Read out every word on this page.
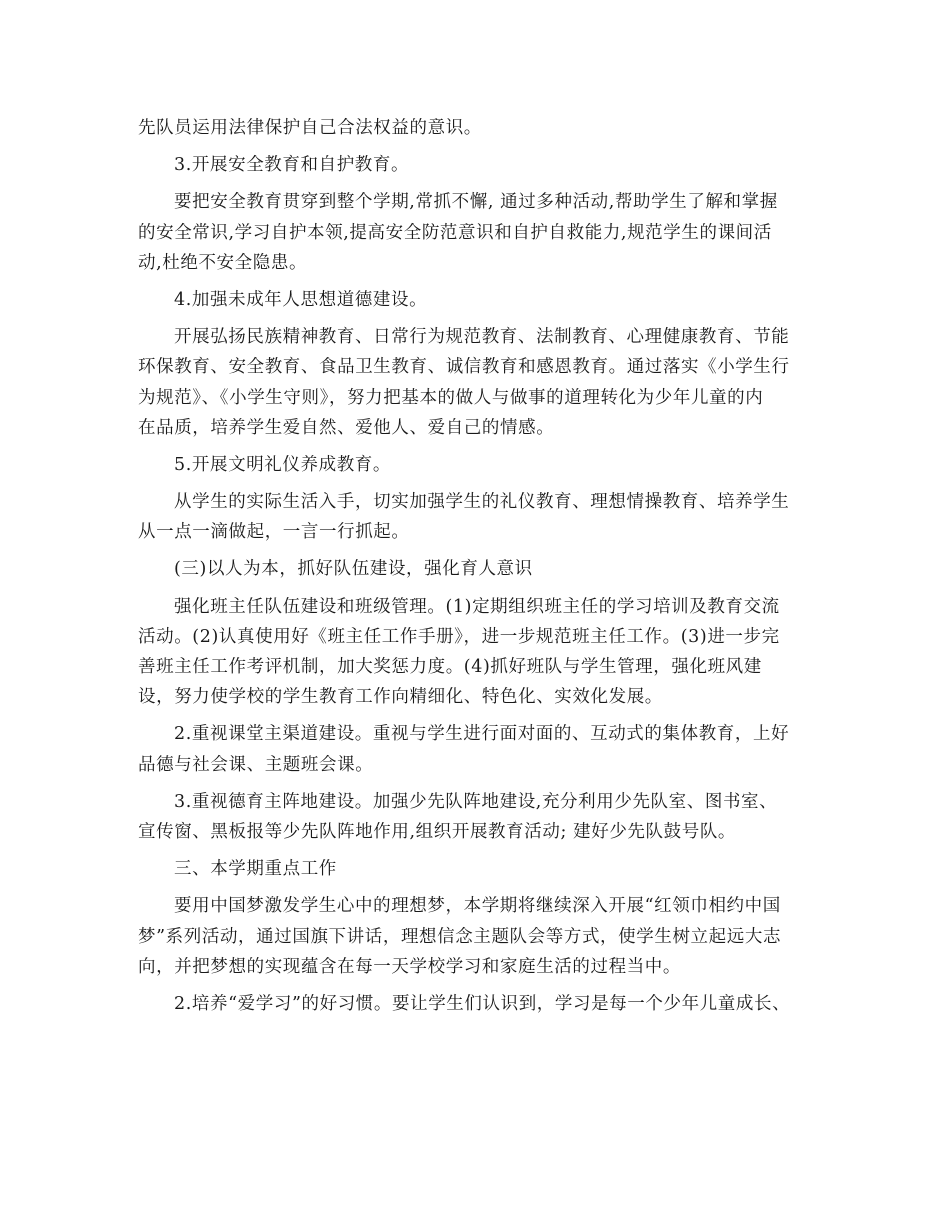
先队员运用法律保护自己合法权益的意识。
3.开展安全教育和自护教育。
要把安全教育贯穿到整个学期,常抓不懈, 通过多种活动,帮助学生了解和掌握
的安全常识,学习自护本领,提高安全防范意识和自护自救能力,规范学生的课间活
动,杜绝不安全隐患。
4.加强未成年人思想道德建设。
开展弘扬民族精神教育、日常行为规范教育、法制教育、心理健康教育、节能
环保教育、安全教育、食品卫生教育、诚信教育和感恩教育。通过落实《小学生行
为规范》、《小学生守则》，努力把基本的做人与做事的道理转化为少年儿童的内
在品质，培养学生爱自然、爱他人、爱自己的情感。
5.开展文明礼仪养成教育。
从学生的实际生活入手，切实加强学生的礼仪教育、理想情操教育、培养学生
从一点一滴做起，一言一行抓起。
(三)以人为本，抓好队伍建设，强化育人意识
强化班主任队伍建设和班级管理。(1)定期组织班主任的学习培训及教育交流
活动。(2)认真使用好《班主任工作手册》，进一步规范班主任工作。(3)进一步完
善班主任工作考评机制，加大奖惩力度。(4)抓好班队与学生管理，强化班风建
设，努力使学校的学生教育工作向精细化、特色化、实效化发展。
2.重视课堂主渠道建设。重视与学生进行面对面的、互动式的集体教育，上好
品德与社会课、主题班会课。
3.重视德育主阵地建设。加强少先队阵地建设,充分利用少先队室、图书室、
宣传窗、黑板报等少先队阵地作用,组织开展教育活动; 建好少先队鼓号队。
三、本学期重点工作
要用中国梦激发学生心中的理想梦，本学期将继续深入开展“红领巾相约中国
梦”系列活动，通过国旗下讲话，理想信念主题队会等方式，使学生树立起远大志
向，并把梦想的实现蕴含在每一天学校学习和家庭生活的过程当中。
2.培养“爱学习”的好习惯。要让学生们认识到，学习是每一个少年儿童成长、
